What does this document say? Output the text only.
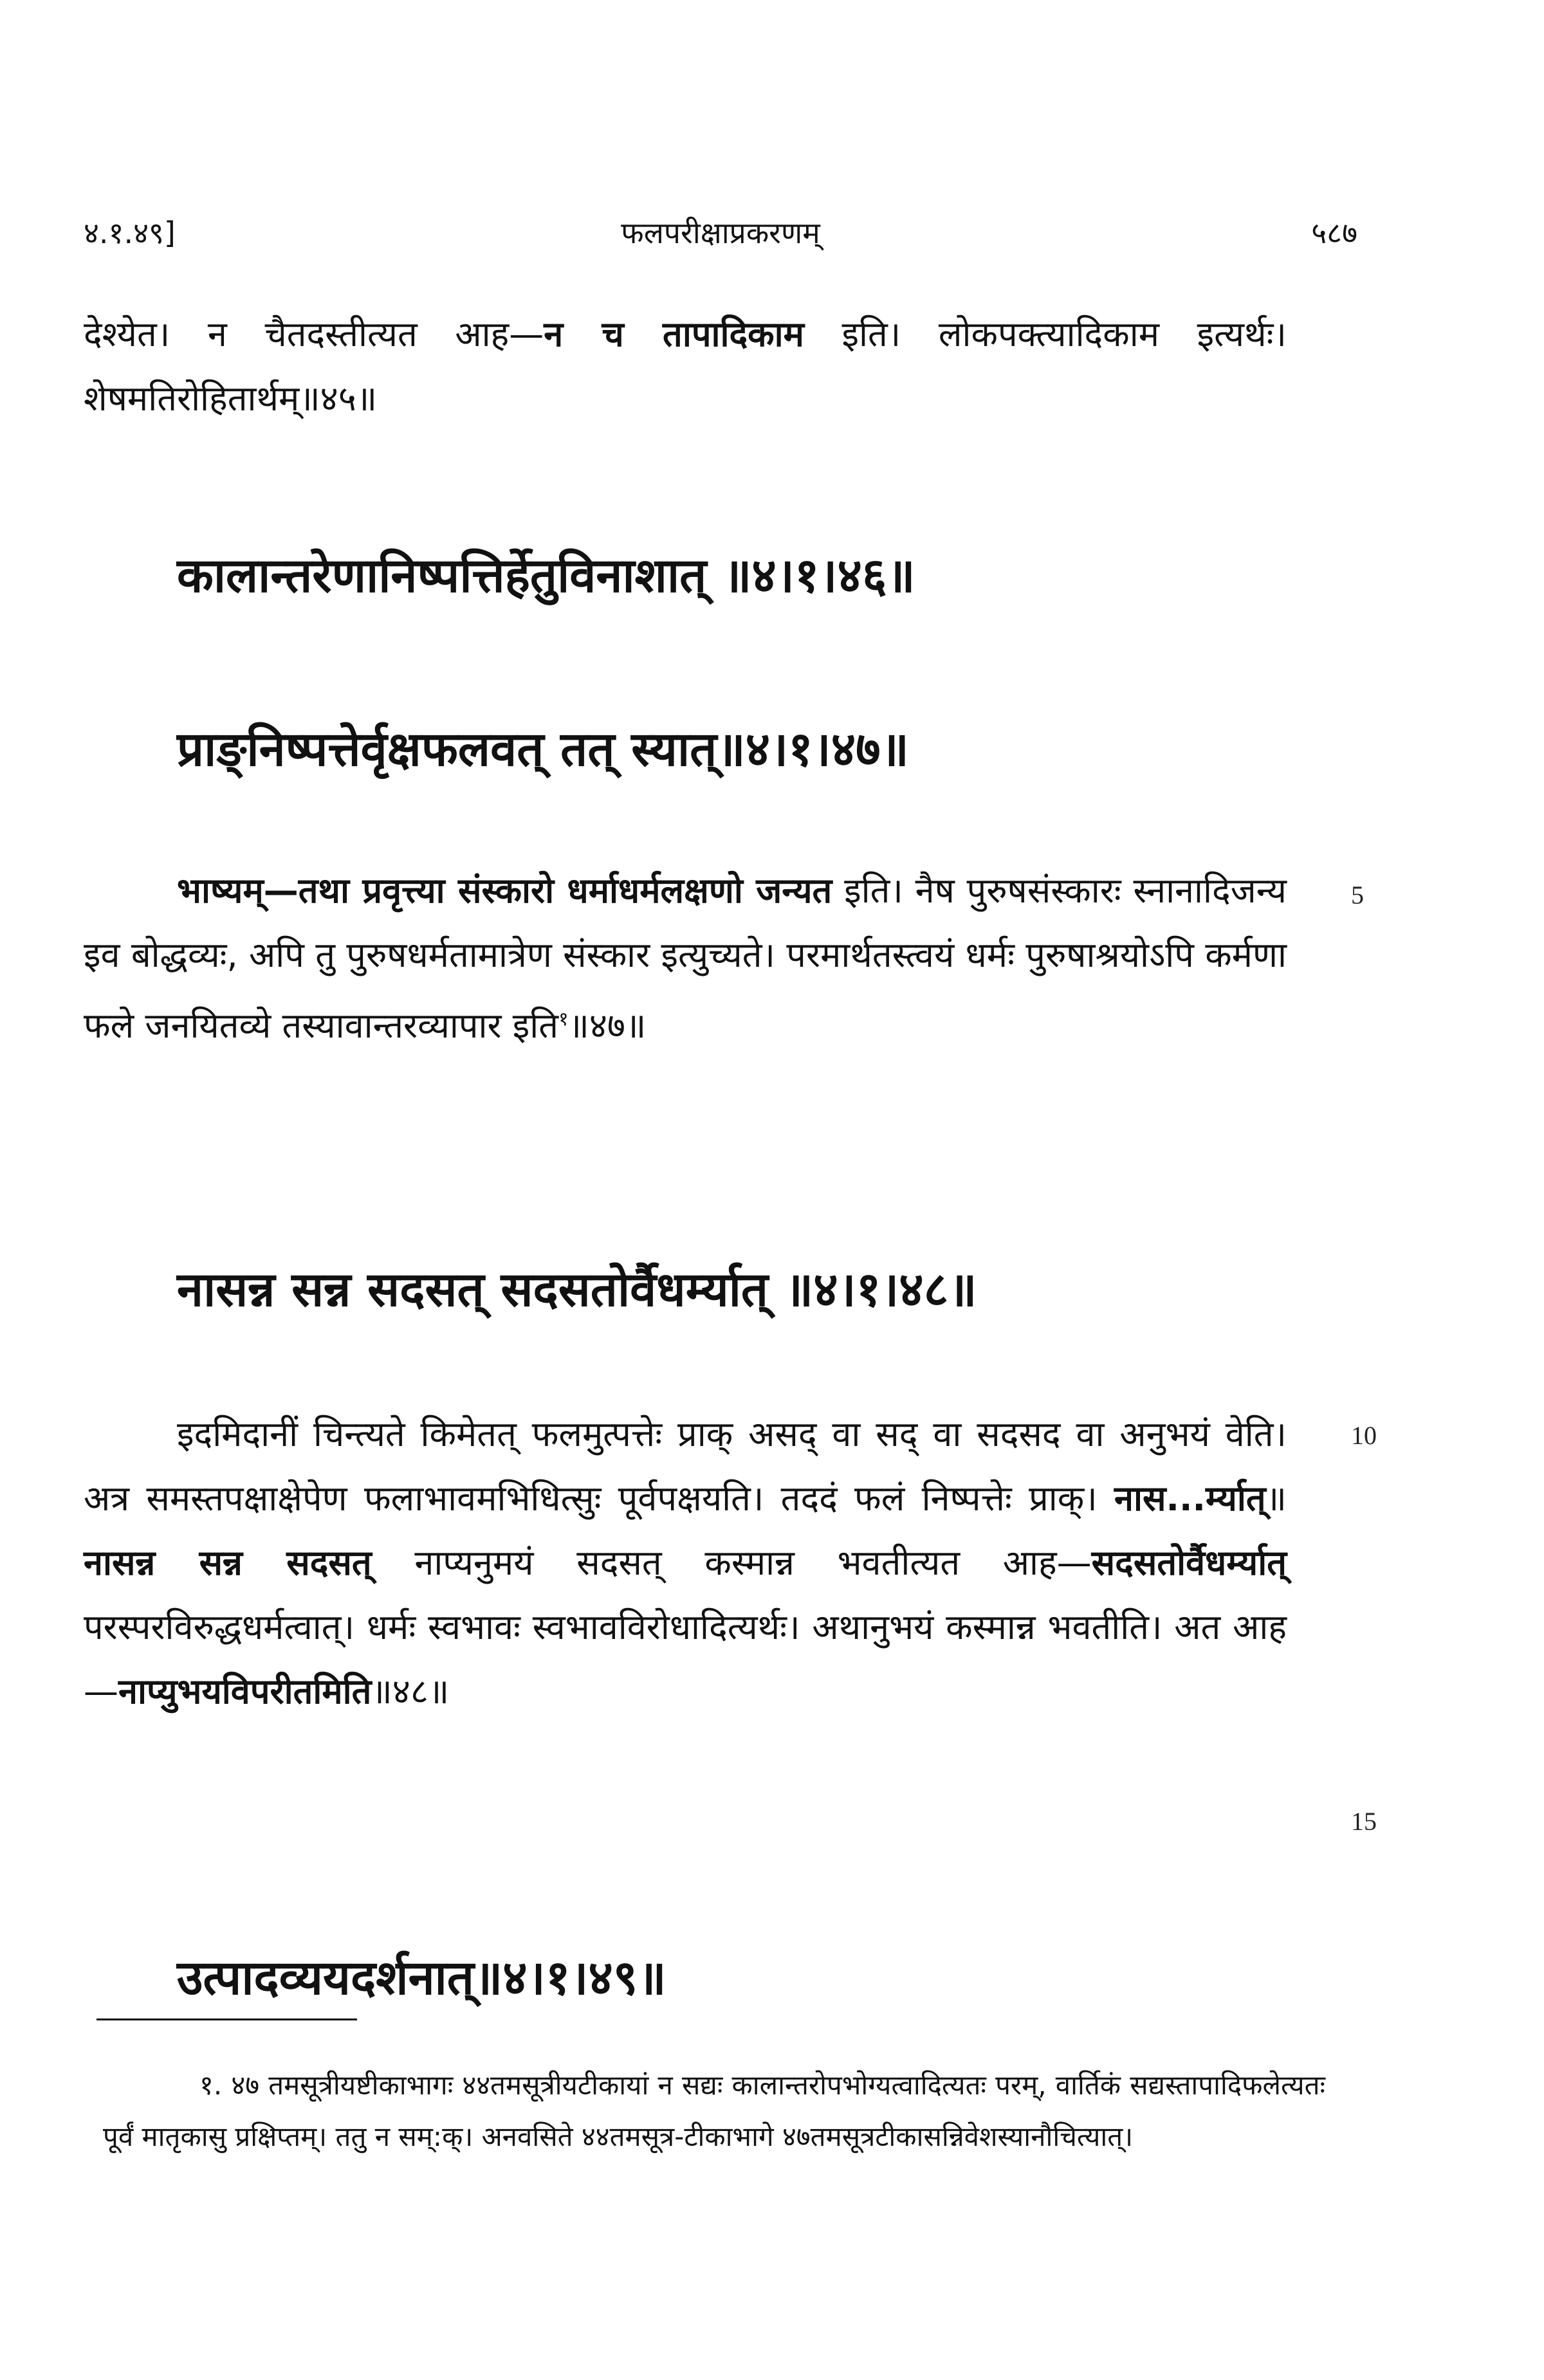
४.१.४९]	फलपरीक्षाप्रकरणम्	५८७

देश्येत। न चैतदस्तीत्यत आह—न च तापादिकाम इति। लोकपक्त्यादिकाम इत्यर्थः। शेषमतिरोहितार्थम्॥४५॥

कालान्तरेणानिष्पत्तिर्हेतुविनाशात् ॥४।१।४६॥
प्राङ्निष्पत्तेर्वृक्षफलवत् तत् स्यात्॥४।१।४७॥

भाष्यम्—तथा प्रवृत्त्या संस्कारो धर्माधर्मलक्षणो जन्यत इति। नैष पुरुषसंस्कारः स्नानादिजन्य इव बोद्धव्यः, अपि तु पुरुषधर्मतामात्रेण संस्कार इत्युच्यते। परमार्थतस्त्वयं धर्मः पुरुषाश्रयोऽपि कर्मणा फले जनयितव्ये तस्यावान्तरव्यापार इति$^१$॥४७॥

नासन्न सन्न सदसत् सदसतोर्वैधर्म्यात् ॥४।१।४८॥

इदमिदानीं चिन्त्यते किमेतत् फलमुत्पत्तेः प्राक् असद् वा सद् वा सदसद वा अनुभयं वेति। अत्र समस्तपक्षाक्षेपेण फलाभावमभिधित्सुः पूर्वपक्षयति। तददं फलं निष्पत्तेः प्राक्। नास...र्म्यात्॥ नासन्न सन्न सदसत् नाप्यनुमयं सदसत् कस्मान्न भवतीत्यत आह—सदसतोर्वैधर्म्यात् परस्परविरुद्धधर्मत्वात्। धर्मः स्वभावः स्वभावविरोधादित्यर्थः। अथानुभयं कस्मान्न भवतीति। अत आह—नाप्युभयविपरीतमिति॥४८॥

उत्पादव्ययदर्शनात्॥४।१।४९॥
5
10
15

१. ४७ तमसूत्रीयष्टीकाभागः ४४तमसूत्रीयटीकायां न सद्यः कालान्तरोपभोग्यत्वादित्यतः परम्, वार्तिकं सद्यस्तापादिफलेत्यतः पूर्वं मातृकासु प्रक्षिप्तम्। ततु न सम्:क्। अनवसिते ४४तमसूत्र-टीकाभागे ४७तमसूत्रटीकासन्निवेशस्यानौचित्यात्।
